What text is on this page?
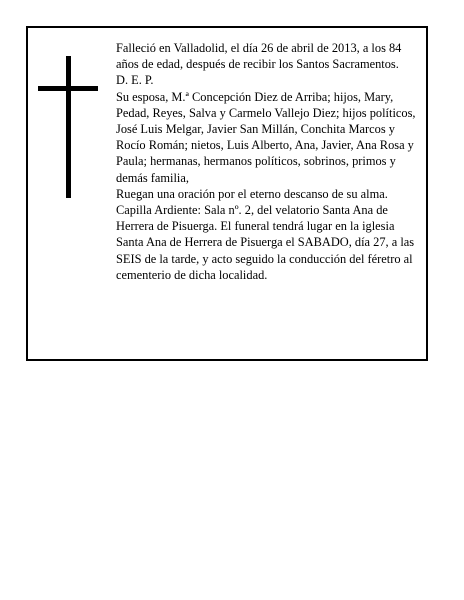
Falleció en Valladolid, el día 26 de abril de 2013, a los 84 años de edad, después de recibir los Santos Sacramentos.

D. E. P.

Su esposa, M.ª Concepción Diez de Arriba; hijos, Mary, Pedad, Reyes, Salva y Carmelo Vallejo Diez; hijos políticos, José Luis Melgar, Javier San Millán, Conchita Marcos y Rocío Román; nietos, Luis Alberto, Ana, Javier, Ana Rosa y Paula; hermanas, hermanos políticos, sobrinos, primos y demás familia,

Ruegan una oración por el eterno descanso de su alma.

Capilla Ardiente: Sala nº. 2, del velatorio Santa Ana de Herrera de Pisuerga. El funeral tendrá lugar en la iglesia Santa Ana de Herrera de Pisuerga el SABADO, día 27, a las SEIS de la tarde, y acto seguido la conducción del féretro al cementerio de dicha localidad.
